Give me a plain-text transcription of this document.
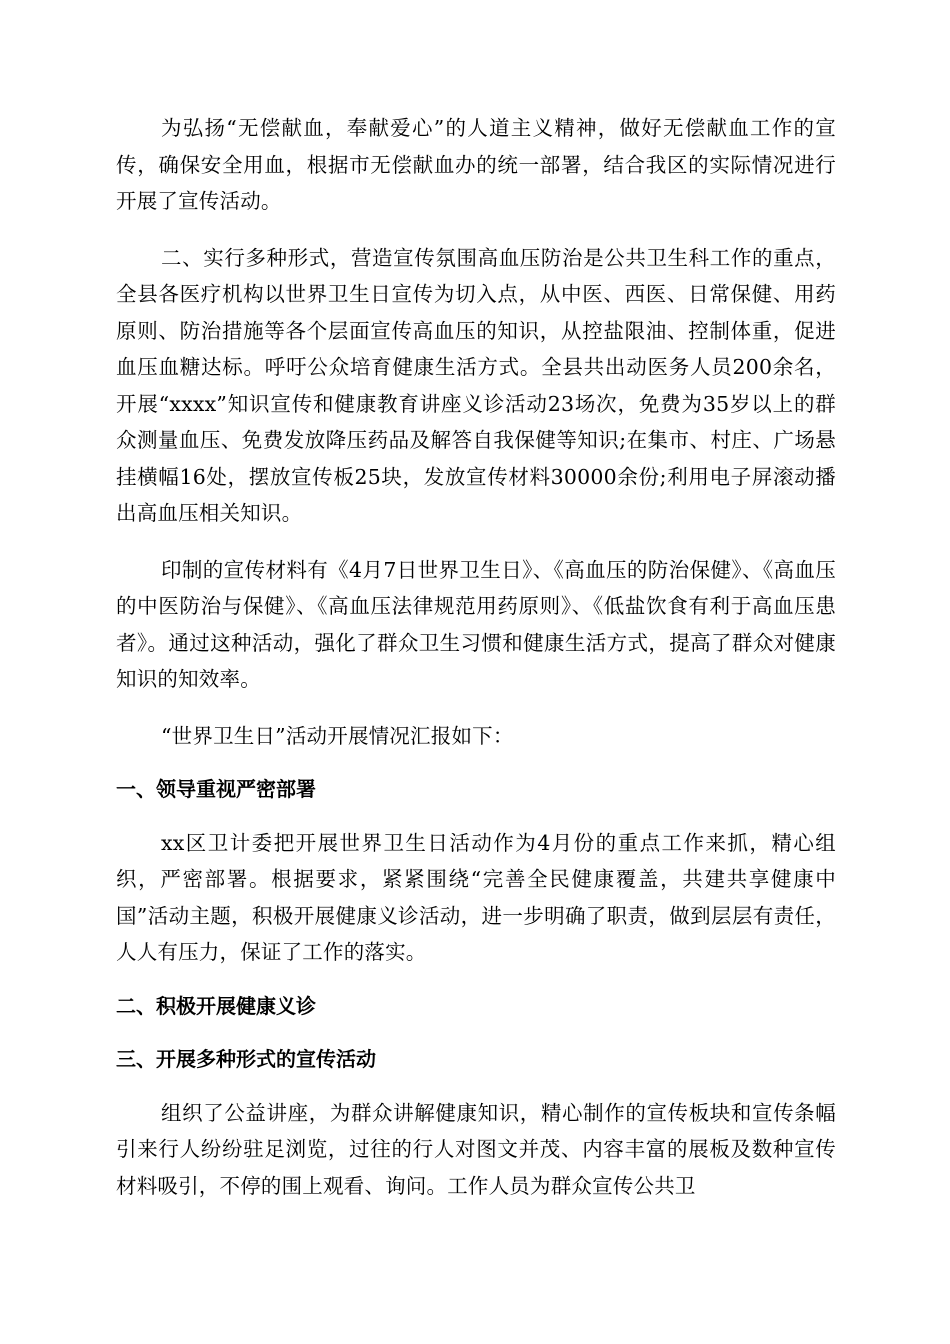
为弘扬“无偿献血，奉献爱心”的人道主义精神，做好无偿献血工作的宣传，确保安全用血，根据市无偿献血办的统一部署，结合我区的实际情况进行开展了宣传活动。

二、实行多种形式，营造宣传氛围高血压防治是公共卫生科工作的重点，全县各医疗机构以世界卫生日宣传为切入点，从中医、西医、日常保健、用药原则、防治措施等各个层面宣传高血压的知识，从控盐限油、控制体重，促进血压血糖达标。呼吁公众培育健康生活方式。全县共出动医务人员200余名，开展“xxxx”知识宣传和健康教育讲座义诊活动23场次，免费为35岁以上的群众测量血压、免费发放降压药品及解答自我保健等知识;在集市、村庄、广场悬挂横幅16处，摆放宣传板25块，发放宣传材料30000余份;利用电子屏滚动播出高血压相关知识。

印制的宣传材料有《4月7日世界卫生日》、《高血压的防治保健》、《高血压的中医防治与保健》、《高血压法律规范用药原则》、《低盐饮食有利于高血压患者》。通过这种活动，强化了群众卫生习惯和健康生活方式，提高了群众对健康知识的知效率。

“世界卫生日”活动开展情况汇报如下：

一、领导重视严密部署

xx区卫计委把开展世界卫生日活动作为4月份的重点工作来抓，精心组织，严密部署。根据要求，紧紧围绕“完善全民健康覆盖，共建共享健康中国”活动主题，积极开展健康义诊活动，进一步明确了职责，做到层层有责任，人人有压力，保证了工作的落实。

二、积极开展健康义诊

三、开展多种形式的宣传活动

组织了公益讲座，为群众讲解健康知识，精心制作的宣传板块和宣传条幅引来行人纷纷驻足浏览，过往的行人对图文并茂、内容丰富的展板及数种宣传材料吸引，不停的围上观看、询问。工作人员为群众宣传公共卫
